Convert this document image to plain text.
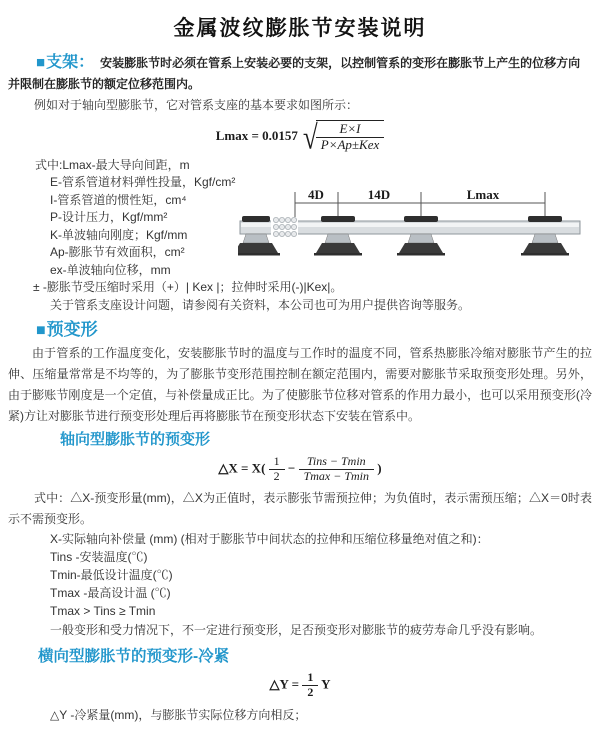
金属波纹膨胀节安装说明

■支架： 安装膨胀节时必须在管系上安装必要的支架，以控制管系的变形在膨胀节上产生的位移方向并限制在膨胀节的额定位移范围内。

例如对于轴向型膨胀节，它对管系支座的基本要求如图所示：

Lmax = 0.0157 √
$\frac{E\times I}{\text{P×Ap±Kex}}$
式中:Lmax-最大导向间距，m
E-管系管道材料弹性投量，Kgf/cm²
I-管系管道的惯性矩，cm⁴
P-设计压力，Kgf/mm²
K-单波轴向刚度；Kgf/mm
Ap-膨胀节有效面积，cm²
ex-单波轴向位移，mm
± -膨胀节受压缩时采用（+）| Kex |；拉伸时采用(-)|Kex|。
关于管系支座设计问题，请参阅有关资料，本公司也可为用户提供咨询等服务。
4D	14D	Lmax
■预变形

由于管系的工作温度变化，安装膨胀节时的温度与工作时的温度不同，管系热膨胀冷缩对膨胀节产生的拉伸、压缩量常常是不均等的，为了膨胀节变形范围控制在额定范围内，需要对膨胀节采取预变形处理。另外，由于膨账节刚度是一个定值，与补偿量成正比。为了使膨胀节位移对管系的作用力最小，也可以采用预变形(冷紧)方让对膨胀节进行预变形处理后再将膨胀节在预变形状态下安装在管系中。

轴向型膨胀节的预变形
△X = $X( \frac{1}{2} - \frac{\text{Tins − Tmin}}{Tmax - Tmin}$ )

式中：△X-预变形量(mm)，△X为正值时，表示膨张节需预拉伸；为负值时，表示需预压缩；△X＝0时表示不需预变形。

X-实际轴向补偿量 (mm) (相对于膨胀节中间状态的拉伸和压缩位移量绝对值之和)：
Tins -安装温度(℃)
Tmin-最低设计温度(℃)
Tmax -最高设计温 (℃)
Tmax > Tins ≥ Tmin
一般变形和受力情况下，不一定进行预变形，足否预变形对膨胀节的疲劳寿命几乎没有影响。
横向型膨胀节的预变形-冷紧
△Y = $\frac{1}{2}$ Y
△Y -冷紧量(mm)，与膨胀节实际位移方向相反；
